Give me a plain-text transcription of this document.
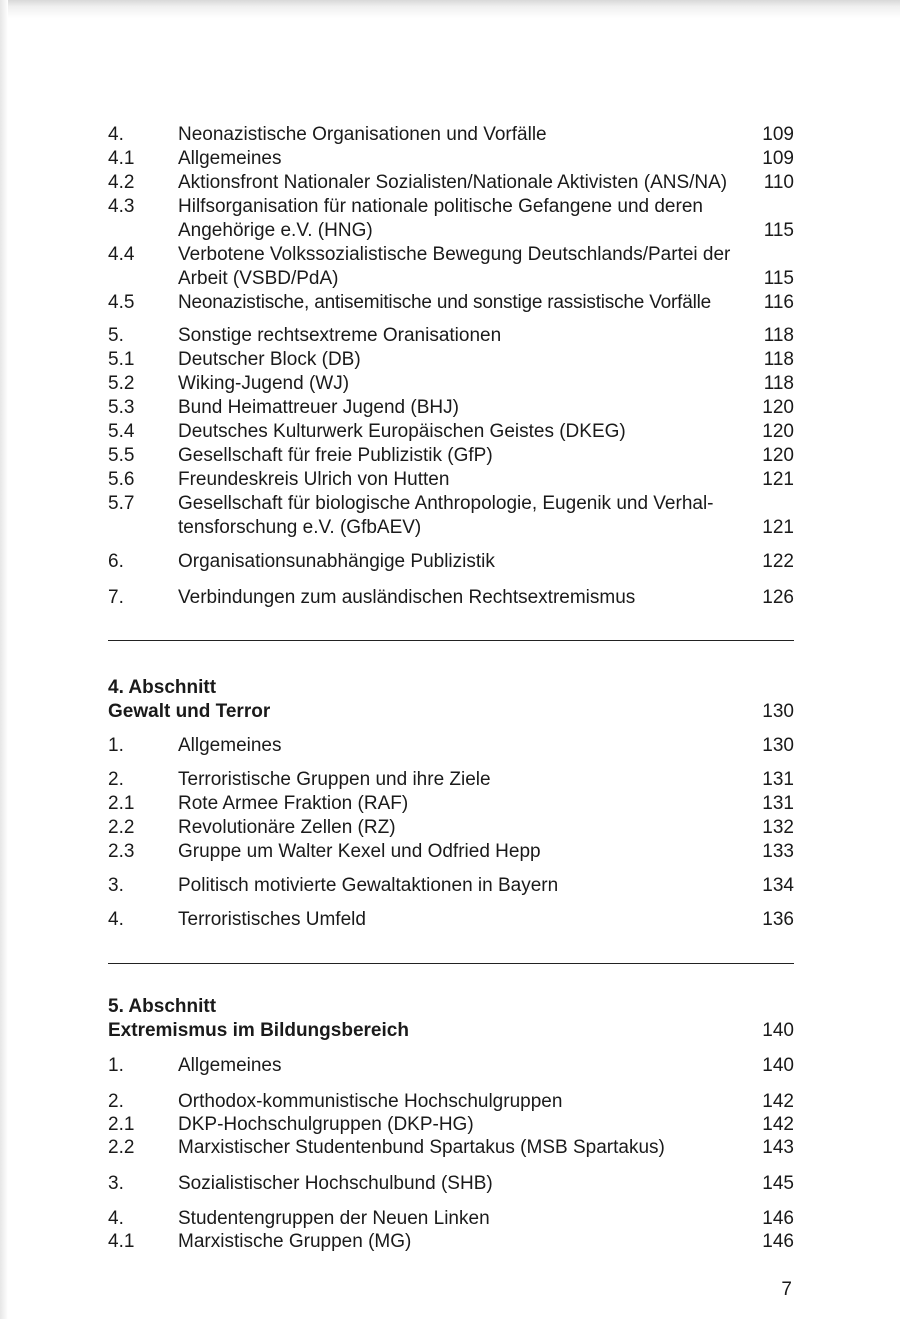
4.	Neonazistische Organisationen und Vorfälle	109
4.1 Allgemeines	109
4.2 Aktionsfront Nationaler Sozialisten/Nationale Aktivisten (ANS/NA)	110
4.3 Hilfsorganisation für nationale politische Gefangene und deren
Angehörige e.V. (HNG)	115
4.4 Verbotene Volkssozialistische Bewegung Deutschlands/Partei der
Arbeit (VSBD/PdA)	115
4.5 Neonazistische, antisemitische und sonstige rassistische Vorfälle	116
5.	Sonstige rechtsextreme Oranisationen	118
5.1 Deutscher Block (DB)	118
5.2 Wiking-Jugend (WJ)	118
5.3 Bund Heimattreuer Jugend (BHJ)	120
5.4 Deutsches Kulturwerk Europäischen Geistes (DKEG)	120
5.5 Gesellschaft für freie Publizistik (GfP)	120
5.6 Freundeskreis Ulrich von Hutten	121
5.7 Gesellschaft für biologische Anthropologie, Eugenik und Verhal-
tensforschung e.V. (GfbAEV)	121
6.	Organisationsunabhängige Publizistik	122
7.	Verbindungen zum ausländischen Rechtsextremismus	126
4. Abschnitt
Gewalt und Terror	130
1.	Allgemeines	130
2.	Terroristische Gruppen und ihre Ziele	131
2.1 Rote Armee Fraktion (RAF)	131
2.2 Revolutionäre Zellen (RZ)	132
2.3 Gruppe um Walter Kexel und Odfried Hepp	133
3.	Politisch motivierte Gewaltaktionen in Bayern	134
4.	Terroristisches Umfeld	136
5. Abschnitt
Extremismus im Bildungsbereich	140
1.	Allgemeines	140
2.	Orthodox-kommunistische Hochschulgruppen	142
2.1 DKP-Hochschulgruppen (DKP-HG)	142
2.2 Marxistischer Studentenbund Spartakus (MSB Spartakus)	143
3.	Sozialistischer Hochschulbund (SHB)	145
4.	Studentengruppen der Neuen Linken	146
4.1 Marxistische Gruppen (MG)	146
7
